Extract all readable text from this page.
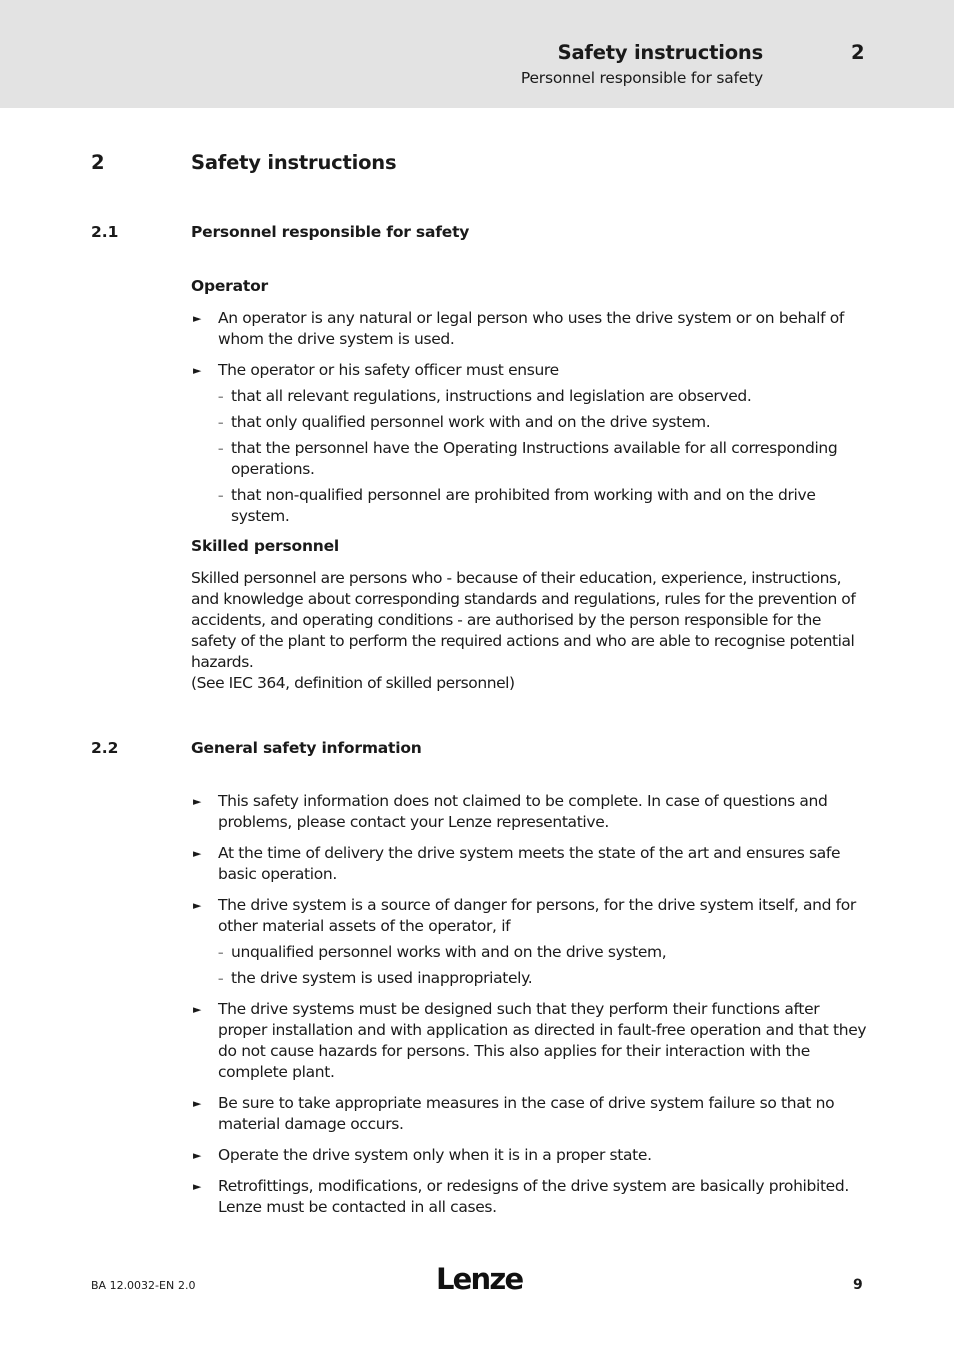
Safety instructions
Personnel responsible for safety
2
2	Safety instructions
2.1	Personnel responsible for safety
Operator
► An operator is any natural or legal person who uses the drive system or on behalf of whom the drive system is used.
► The operator or his safety officer must ensure
– that all relevant regulations, instructions and legislation are observed.
– that only qualified personnel work with and on the drive system.
– that the personnel have the Operating Instructions available for all corresponding operations.
– that non-qualified personnel are prohibited from working with and on the drive system.
Skilled personnel

Skilled personnel are persons who - because of their education, experience, instructions, and knowledge about corresponding standards and regulations, rules for the prevention of accidents, and operating conditions - are authorised by the person responsible for the safety of the plant to perform the required actions and who are able to recognise potential hazards.

(See IEC 364, definition of skilled personnel)

2.2	General safety information
► This safety information does not claimed to be complete. In case of questions and problems, please contact your Lenze representative.
► At the time of delivery the drive system meets the state of the art and ensures safe basic operation.
► The drive system is a source of danger for persons, for the drive system itself, and for other material assets of the operator, if
– unqualified personnel works with and on the drive system,
– the drive system is used inappropriately.
► The drive systems must be designed such that they perform their functions after proper installation and with application as directed in fault-free operation and that they do not cause hazards for persons. This also applies for their interaction with the complete plant.
► Be sure to take appropriate measures in the case of drive system failure so that no material damage occurs.
► Operate the drive system only when it is in a proper state.
► Retrofittings, modifications, or redesigns of the drive system are basically prohibited. Lenze must be contacted in all cases.
BA 12.0032-EN 2.0	Lenze	9
